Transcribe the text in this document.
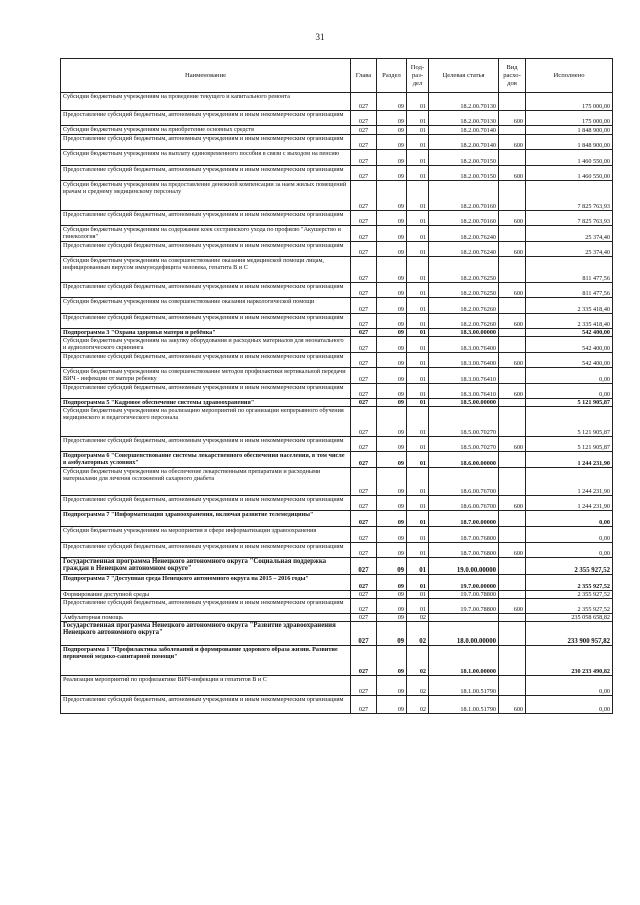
31
Наименование	Глава	Раздел	Под-раз-дел	Целевая статья	Вид расхо-дов	Исполнено
Субсидии бюджетным учреждениям на проведение текущего и капитального ремонта	027	09	01	18.2.00.70130		175 000,00
Предоставление субсидий бюджетным, автономным учреждениям и иным некоммерческим организациям	027	09	01	18.2.00.70130	600	175 000,00
Субсидии бюджетным учреждениям на приобретение основных средств	027	09	01	18.2.00.70140		1 848 900,00
Предоставление субсидий бюджетным, автономным учреждениям и иным некоммерческим организациям	027	09	01	18.2.00.70140	600	1 848 900,00
Субсидии бюджетным учреждениям на выплату единовременного пособия в связи с выходом на пенсию	027	09	01	18.2.00.70150		1 460 550,00
Предоставление субсидий бюджетным, автономным учреждениям и иным некоммерческим организациям	027	09	01	18.2.00.70150	600	1 460 550,00
Субсидии бюджетным учреждениям на предоставление денежной компенсации за наем жилых помещений врачам и среднему медицинскому персоналу	027	09	01	18.2.00.70160		7 825 763,93
Предоставление субсидий бюджетным, автономным учреждениям и иным некоммерческим организациям	027	09	01	18.2.00.70160	600	7 825 763,93
Субсидии бюджетным учреждениям на содержание коек сестринского ухода по профилю "Акушерство и гинекология"	027	09	01	18.2.00.76240		25 374,40
Предоставление субсидий бюджетным, автономным учреждениям и иным некоммерческим организациям	027	09	01	18.2.00.76240	600	25 374,40
Субсидии бюджетным учреждениям на совершенствование оказания медицинской помощи лицам, инфицированным вирусом иммунодефицита человека, гепатита В и С	027	09	01	18.2.00.76250		811 477,56
Предоставление субсидий бюджетным, автономным учреждениям и иным некоммерческим организациям	027	09	01	18.2.00.76250	600	811 477,56
Субсидии бюджетным учреждениям на совершенствование оказания наркологической помощи	027	09	01	18.2.00.76260		2 335 418,40
Предоставление субсидий бюджетным, автономным учреждениям и иным некоммерческим организациям	027	09	01	18.2.00.76260	600	2 335 418,40
Подпрограмма 3 "Охрана здоровья матери и ребёнка"	027	09	01	18.3.00.00000		542 400,00
Субсидии бюджетным учреждениям на закупку оборудования и расходных материалов для неонатального и аудиологического скрининга	027	09	01	18.3.00.76400		542 400,00
Предоставление субсидий бюджетным, автономным учреждениям и иным некоммерческим организациям	027	09	01	18.3.00.76400	600	542 400,00
Субсидии бюджетным учреждениям на совершенствование методов профилактики вертикальной передачи ВИЧ - инфекции от матери ребенку	027	09	01	18.3.00.76410		0,00
Предоставление субсидий бюджетным, автономным учреждениям и иным некоммерческим организациям	027	09	01	18.3.00.76410	600	0,00
Подпрограмма 5 "Кадровое обеспечение системы здравоохранения"	027	09	01	18.5.00.00000		5 121 905,87
Субсидии бюджетным учреждениям на реализацию мероприятий по организации непрерывного обучения медицинского и педагогического персонала	027	09	01	18.5.00.70270		5 121 905,87
Предоставление субсидий бюджетным, автономным учреждениям и иным некоммерческим организациям	027	09	01	18.5.00.70270	600	5 121 905,87
Подпрограмма 6 "Совершенствование системы лекарственного обеспечения населения, в том числе в амбулаторных условиях"	027	09	01	18.6.00.00000		1 244 231,90
Субсидии бюджетным учреждениям на обеспечение лекарственными препаратами и расходными материалами для лечения осложнений сахарного диабета	027	09	01	18.6.00.76700		1 244 231,90
Предоставление субсидий бюджетным, автономным учреждениям и иным некоммерческим организациям	027	09	01	18.6.00.76700	600	1 244 231,90
Подпрограмма 7 "Информатизация здравоохранения, включая развитие телемедицины"	027	09	01	18.7.00.00000		0,00
Субсидии бюджетным учреждениям на мероприятия в сфере информатизации здравоохранения	027	09	01	18.7.00.76800		0,00
Предоставление субсидий бюджетным, автономным учреждениям и иным некоммерческим организациям	027	09	01	18.7.00.76800	600	0,00
Государственная программа Ненецкого автономного округа "Социальная поддержка граждан в Ненецком автономном округе"	027	09	01	19.0.00.00000		2 355 927,52
Подпрограмма 7 "Доступная среда Ненецкого автономного округа на 2015 – 2016 годы"	027	09	01	19.7.00.00000		2 355 927,52
Формирование доступной среды	027	09	01	19.7.00.78800		2 355 927,52
Предоставление субсидий бюджетным, автономным учреждениям и иным некоммерческим организациям	027	09	01	19.7.00.78800	600	2 355 927,52
Амбулаторная помощь	027	09	02			235 058 658,82
Государственная программа Ненецкого автономного округа "Развитие здравоохранения Ненецкого автономного округа"	027	09	02	18.0.00.00000		233 900 957,82
Подпрограмма 1 "Профилактика заболеваний и формирование здорового образа жизни. Развитие первичной медико-санитарной помощи"	027	09	02	18.1.00.00000		230 233 490,82
Реализация мероприятий по профилактике ВИЧ-инфекции и гепатитов В и С	027	09	02	18.1.00.51790		0,00
Предоставление субсидий бюджетным, автономным учреждениям и иным некоммерческим организациям	027	09	02	18.1.00.51790	600	0,00
